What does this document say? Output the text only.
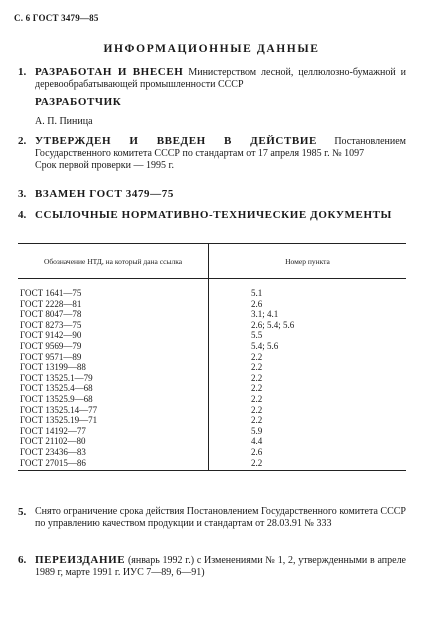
С. 6 ГОСТ 3479—85
ИНФОРМАЦИОННЫЕ ДАННЫЕ
1. РАЗРАБОТАН И ВНЕСЕН Министерством лесной, целлюлозно-бумажной и деревообрабатывающей промышленности СССР
РАЗРАБОТЧИК
А. П. Пиница
2. УТВЕРЖДЕН И ВВЕДЕН В ДЕЙСТВИЕ Постановлением Государственного комитета СССР по стандартам от 17 апреля 1985 г. № 1097
Срок первой проверки — 1995 г.
3. ВЗАМЕН ГОСТ 3479—75
4. ССЫЛОЧНЫЕ НОРМАТИВНО-ТЕХНИЧЕСКИЕ ДОКУМЕНТЫ
Обозначение НТД, на который дана ссылка	Номер пункта
ГОСТ 1641—75	5.1
ГОСТ 2228—81	2.6
ГОСТ 8047—78	3.1; 4.1
ГОСТ 8273—75	2.6; 5.4; 5.6
ГОСТ 9142—90	5.5
ГОСТ 9569—79	5.4; 5.6
ГОСТ 9571—89	2.2
ГОСТ 13199—88	2.2
ГОСТ 13525.1—79	2.2
ГОСТ 13525.4—68	2.2
ГОСТ 13525.9—68	2.2
ГОСТ 13525.14—77	2.2
ГОСТ 13525.19—71	2.2
ГОСТ 14192—77	5.9
ГОСТ 21102—80	4.4
ГОСТ 23436—83	2.6
ГОСТ 27015—86	2.2
5. Снято ограничение срока действия Постановлением Государственного комитета СССР по управлению качеством продукции и стандартам от 28.03.91 № 333
6. ПЕРЕИЗДАНИЕ (январь 1992 г.) с Изменениями № 1, 2, утвержденными в апреле 1989 г, марте 1991 г. ИУС 7—89, 6—91)
